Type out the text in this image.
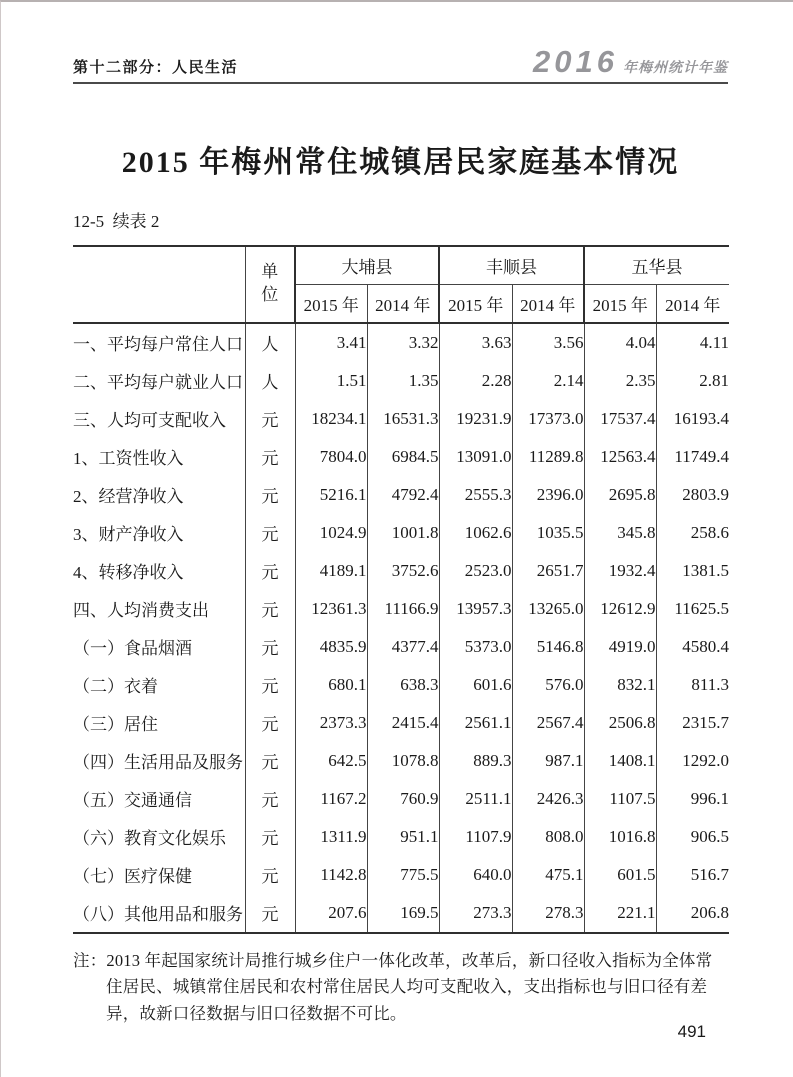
第十二部分：人民生活	2016 年梅州统计年鉴
2015 年梅州常住城镇居民家庭基本情况
12-5  续表 2
	单位	大埔县		丰顺县		五华县	
		2015 年	2014 年	2015 年	2014 年	2015 年	2014 年
一、平均每户常住人口	人	3.41	3.32	3.63	3.56	4.04	4.11
二、平均每户就业人口	人	1.51	1.35	2.28	2.14	2.35	2.81
三、人均可支配收入	元	18234.1	16531.3	19231.9	17373.0	17537.4	16193.4
1、工资性收入	元	7804.0	6984.5	13091.0	11289.8	12563.4	11749.4
2、经营净收入	元	5216.1	4792.4	2555.3	2396.0	2695.8	2803.9
3、财产净收入	元	1024.9	1001.8	1062.6	1035.5	345.8	258.6
4、转移净收入	元	4189.1	3752.6	2523.0	2651.7	1932.4	1381.5
四、人均消费支出	元	12361.3	11166.9	13957.3	13265.0	12612.9	11625.5
（一）食品烟酒	元	4835.9	4377.4	5373.0	5146.8	4919.0	4580.4
（二）衣着	元	680.1	638.3	601.6	576.0	832.1	811.3
（三）居住	元	2373.3	2415.4	2561.1	2567.4	2506.8	2315.7
（四）生活用品及服务	元	642.5	1078.8	889.3	987.1	1408.1	1292.0
（五）交通通信	元	1167.2	760.9	2511.1	2426.3	1107.5	996.1
（六）教育文化娱乐	元	1311.9	951.1	1107.9	808.0	1016.8	906.5
（七）医疗保健	元	1142.8	775.5	640.0	475.1	601.5	516.7
（八）其他用品和服务	元	207.6	169.5	273.3	278.3	221.1	206.8
注：2013 年起国家统计局推行城乡住户一体化改革，改革后，新口径收入指标为全体常住居民、城镇常住居民和农村常住居民人均可支配收入，支出指标也与旧口径有差异，故新口径数据与旧口径数据不可比。
491
